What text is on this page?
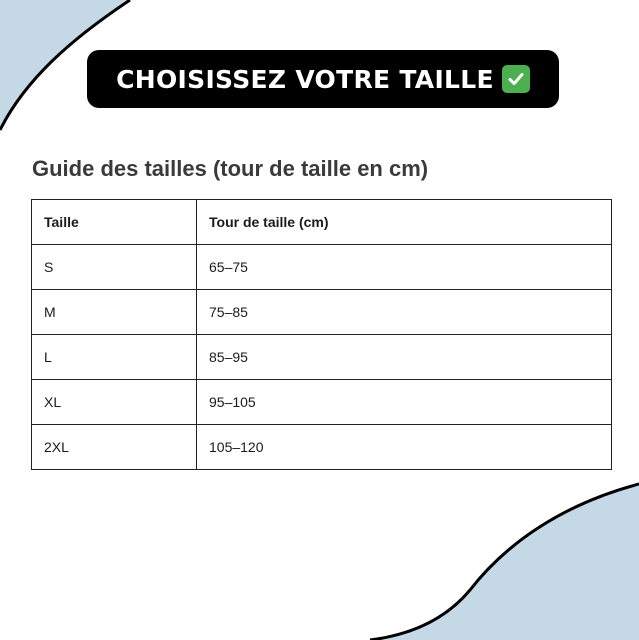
CHOISISSEZ VOTRE TAILLE
Guide des tailles (tour de taille en cm)
Taille	Tour de taille (cm)
S	65–75
M	75–85
L	85–95
XL	95–105
2XL	105–120
